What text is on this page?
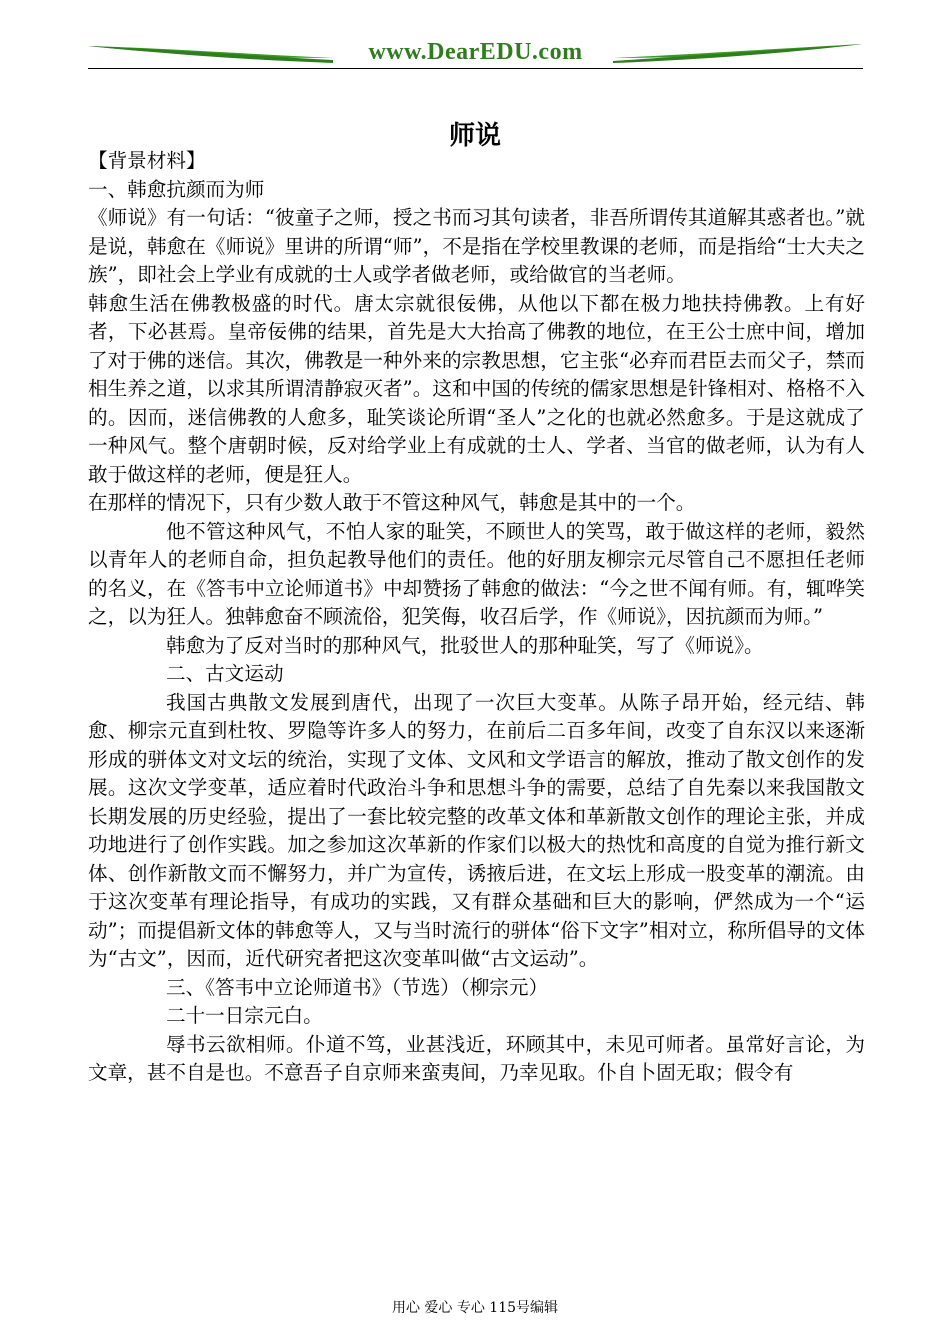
www.DearEDU.com
师说

【背景材料】

一、韩愈抗颜而为师

《师说》有一句话：“彼童子之师，授之书而习其句读者，非吾所谓传其道解其惑者也。”就是说，韩愈在《师说》里讲的所谓“师”，不是指在学校里教课的老师，而是指给“士大夫之族”，即社会上学业有成就的士人或学者做老师，或给做官的当老师。

韩愈生活在佛教极盛的时代。唐太宗就很佞佛，从他以下都在极力地扶持佛教。上有好者，下必甚焉。皇帝佞佛的结果，首先是大大抬高了佛教的地位，在王公士庶中间，增加了对于佛的迷信。其次，佛教是一种外来的宗教思想，它主张“必弃而君臣去而父子，禁而相生养之道，以求其所谓清静寂灭者”。这和中国的传统的儒家思想是针锋相对、格格不入的。因而，迷信佛教的人愈多，耻笑谈论所谓“圣人”之化的也就必然愈多。于是这就成了一种风气。整个唐朝时候，反对给学业上有成就的士人、学者、当官的做老师，认为有人敢于做这样的老师，便是狂人。

在那样的情况下，只有少数人敢于不管这种风气，韩愈是其中的一个。

他不管这种风气，不怕人家的耻笑，不顾世人的笑骂，敢于做这样的老师，毅然以青年人的老师自命，担负起教导他们的责任。他的好朋友柳宗元尽管自己不愿担任老师的名义，在《答韦中立论师道书》中却赞扬了韩愈的做法：“今之世不闻有师。有，辄哗笑之，以为狂人。独韩愈奋不顾流俗，犯笑侮，收召后学，作《师说》，因抗颜而为师。”

韩愈为了反对当时的那种风气，批驳世人的那种耻笑，写了《师说》。

二、古文运动

我国古典散文发展到唐代，出现了一次巨大变革。从陈子昂开始，经元结、韩愈、柳宗元直到杜牧、罗隐等许多人的努力，在前后二百多年间，改变了自东汉以来逐渐形成的骈体文对文坛的统治，实现了文体、文风和文学语言的解放，推动了散文创作的发展。这次文学变革，适应着时代政治斗争和思想斗争的需要，总结了自先秦以来我国散文长期发展的历史经验，提出了一套比较完整的改革文体和革新散文创作的理论主张，并成功地进行了创作实践。加之参加这次革新的作家们以极大的热忱和高度的自觉为推行新文体、创作新散文而不懈努力，并广为宣传，诱掖后进，在文坛上形成一股变革的潮流。由于这次变革有理论指导，有成功的实践，又有群众基础和巨大的影响，俨然成为一个“运动”；而提倡新文体的韩愈等人，又与当时流行的骈体“俗下文字”相对立，称所倡导的文体为“古文”，因而，近代研究者把这次变革叫做“古文运动”。

三、《答韦中立论师道书》（节选）（柳宗元）

二十一日宗元白。

辱书云欲相师。仆道不笃，业甚浅近，环顾其中，未见可师者。虽常好言论，为文章，甚不自是也。不意吾子自京师来蛮夷间，乃幸见取。仆自卜固无取；假令有

用心 爱心 专心 115号编辑
